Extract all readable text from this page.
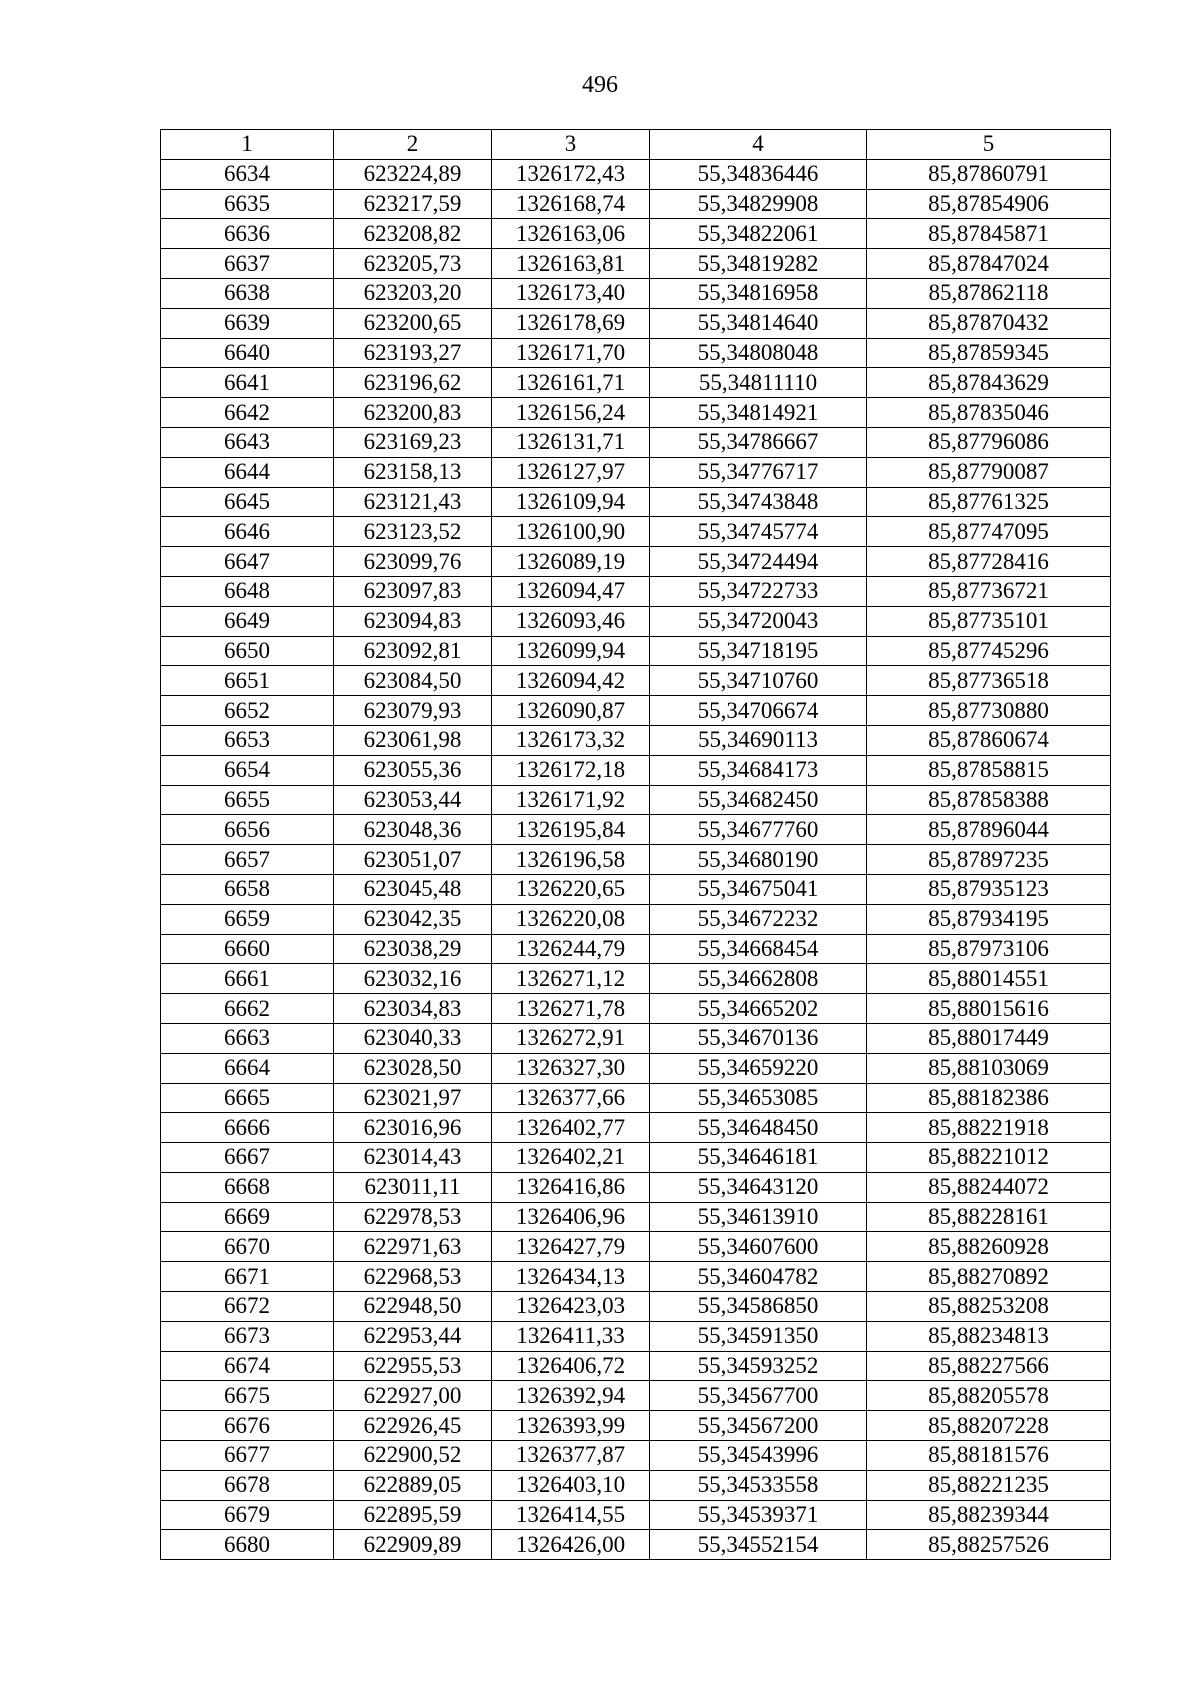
496
1	2	3	4	5
6634	623224,89	1326172,43	55,34836446	85,87860791
6635	623217,59	1326168,74	55,34829908	85,87854906
6636	623208,82	1326163,06	55,34822061	85,87845871
6637	623205,73	1326163,81	55,34819282	85,87847024
6638	623203,20	1326173,40	55,34816958	85,87862118
6639	623200,65	1326178,69	55,34814640	85,87870432
6640	623193,27	1326171,70	55,34808048	85,87859345
6641	623196,62	1326161,71	55,34811110	85,87843629
6642	623200,83	1326156,24	55,34814921	85,87835046
6643	623169,23	1326131,71	55,34786667	85,87796086
6644	623158,13	1326127,97	55,34776717	85,87790087
6645	623121,43	1326109,94	55,34743848	85,87761325
6646	623123,52	1326100,90	55,34745774	85,87747095
6647	623099,76	1326089,19	55,34724494	85,87728416
6648	623097,83	1326094,47	55,34722733	85,87736721
6649	623094,83	1326093,46	55,34720043	85,87735101
6650	623092,81	1326099,94	55,34718195	85,87745296
6651	623084,50	1326094,42	55,34710760	85,87736518
6652	623079,93	1326090,87	55,34706674	85,87730880
6653	623061,98	1326173,32	55,34690113	85,87860674
6654	623055,36	1326172,18	55,34684173	85,87858815
6655	623053,44	1326171,92	55,34682450	85,87858388
6656	623048,36	1326195,84	55,34677760	85,87896044
6657	623051,07	1326196,58	55,34680190	85,87897235
6658	623045,48	1326220,65	55,34675041	85,87935123
6659	623042,35	1326220,08	55,34672232	85,87934195
6660	623038,29	1326244,79	55,34668454	85,87973106
6661	623032,16	1326271,12	55,34662808	85,88014551
6662	623034,83	1326271,78	55,34665202	85,88015616
6663	623040,33	1326272,91	55,34670136	85,88017449
6664	623028,50	1326327,30	55,34659220	85,88103069
6665	623021,97	1326377,66	55,34653085	85,88182386
6666	623016,96	1326402,77	55,34648450	85,88221918
6667	623014,43	1326402,21	55,34646181	85,88221012
6668	623011,11	1326416,86	55,34643120	85,88244072
6669	622978,53	1326406,96	55,34613910	85,88228161
6670	622971,63	1326427,79	55,34607600	85,88260928
6671	622968,53	1326434,13	55,34604782	85,88270892
6672	622948,50	1326423,03	55,34586850	85,88253208
6673	622953,44	1326411,33	55,34591350	85,88234813
6674	622955,53	1326406,72	55,34593252	85,88227566
6675	622927,00	1326392,94	55,34567700	85,88205578
6676	622926,45	1326393,99	55,34567200	85,88207228
6677	622900,52	1326377,87	55,34543996	85,88181576
6678	622889,05	1326403,10	55,34533558	85,88221235
6679	622895,59	1326414,55	55,34539371	85,88239344
6680	622909,89	1326426,00	55,34552154	85,88257526
